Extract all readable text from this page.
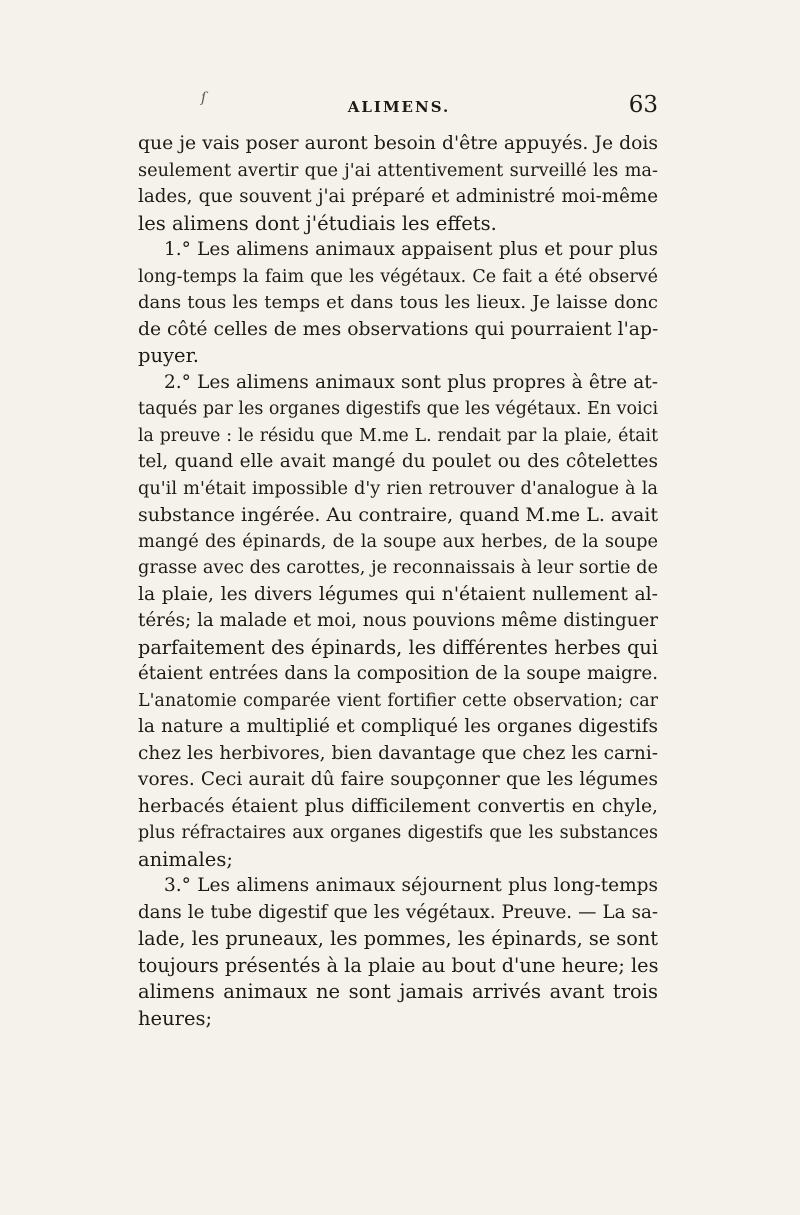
ſ	ALIMENS.	63
que je vais poser auront besoin d'être appuyés. Je dois
seulement avertir que j'ai attentivement surveillé les ma-
lades, que souvent j'ai préparé et administré moi-même
les alimens dont j'étudiais les effets.
1.° Les alimens animaux appaisent plus et pour plus
long-temps la faim que les végétaux. Ce fait a été observé
dans tous les temps et dans tous les lieux. Je laisse donc
de côté celles de mes observations qui pourraient l'ap-
puyer.
2.° Les alimens animaux sont plus propres à être at-
taqués par les organes digestifs que les végétaux. En voici
la preuve : le résidu que M.me L. rendait par la plaie, était
tel, quand elle avait mangé du poulet ou des côtelettes
qu'il m'était impossible d'y rien retrouver d'analogue à la
substance ingérée. Au contraire, quand M.me L. avait
mangé des épinards, de la soupe aux herbes, de la soupe
grasse avec des carottes, je reconnaissais à leur sortie de
la plaie, les divers légumes qui n'étaient nullement al-
térés; la malade et moi, nous pouvions même distinguer
parfaitement des épinards, les différentes herbes qui
étaient entrées dans la composition de la soupe maigre.
L'anatomie comparée vient fortifier cette observation; car
la nature a multiplié et compliqué les organes digestifs
chez les herbivores, bien davantage que chez les carni-
vores. Ceci aurait dû faire soupçonner que les légumes
herbacés étaient plus difficilement convertis en chyle,
plus réfractaires aux organes digestifs que les substances
animales;
3.° Les alimens animaux séjournent plus long-temps
dans le tube digestif que les végétaux. Preuve. — La sa-
lade, les pruneaux, les pommes, les épinards, se sont
toujours présentés à la plaie au bout d'une heure; les
alimens animaux ne sont jamais arrivés avant trois
heures;
